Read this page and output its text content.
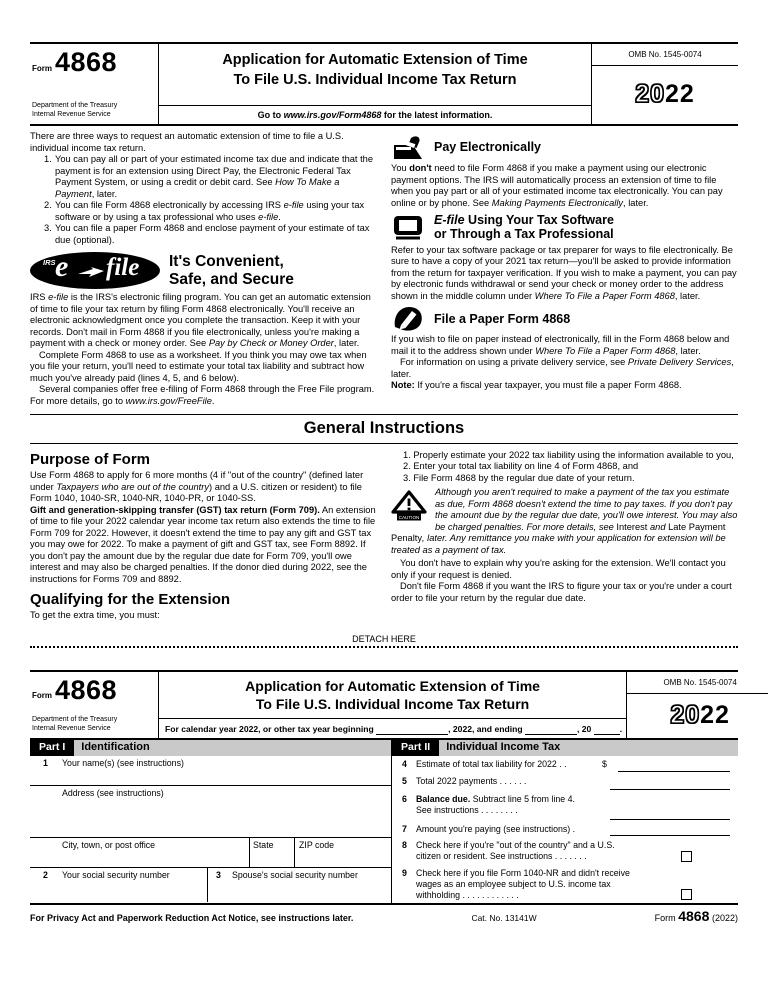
Form 4868
Department of the Treasury
Internal Revenue Service
Application for Automatic Extension of Time
To File U.S. Individual Income Tax Return
Go to www.irs.gov/Form4868 for the latest information.
OMB No. 1545-0074
20 22

There are three ways to request an automatic extension of time to file a U.S. individual income tax return.

1. You can pay all or part of your estimated income tax due and indicate that the payment is for an extension using Direct Pay, the Electronic Federal Tax Payment System, or using a credit or debit card. See How To Make a Payment, later.

2. You can file Form 4868 electronically by accessing IRS e-file using your tax software or by using a tax professional who uses e-file.

3. You can file a paper Form 4868 and enclose payment of your estimate of tax due (optional).

IRS e file It's Convenient,
Safe, and Secure

IRS e-file is the IRS's electronic filing program. You can get an automatic extension of time to file your tax return by filing Form 4868 electronically. You'll receive an electronic acknowledgment once you complete the transaction. Keep it with your records. Don't mail in Form 4868 if you file electronically, unless you're making a payment with a check or money order. See Pay by Check or Money Order, later.

Complete Form 4868 to use as a worksheet. If you think you may owe tax when you file your return, you'll need to estimate your total tax liability and subtract how much you've already paid (lines 4, 5, and 6 below).

Several companies offer free e-filing of Form 4868 through the Free File program. For more details, go to www.irs.gov/FreeFile.

Pay Electronically

You don't need to file Form 4868 if you make a payment using our electronic payment options. The IRS will automatically process an extension of time to file when you pay part or all of your estimated income tax electronically. You can pay online or by phone. See Making Payments Electronically, later.

E-file Using Your Tax Software
or Through a Tax Professional

Refer to your tax software package or tax preparer for ways to file electronically. Be sure to have a copy of your 2021 tax return—you'll be asked to provide information from the return for taxpayer verification. If you wish to make a payment, you can pay by electronic funds withdrawal or send your check or money order to the address shown in the middle column under Where To File a Paper Form 4868, later.

File a Paper Form 4868

If you wish to file on paper instead of electronically, fill in the Form 4868 below and mail it to the address shown under Where To File a Paper Form 4868, later.

For information on using a private delivery service, see Private Delivery Services, later.

Note: If you're a fiscal year taxpayer, you must file a paper Form 4868.

General Instructions
Purpose of Form

Use Form 4868 to apply for 6 more months (4 if "out of the country" (defined later under Taxpayers who are out of the country) and a U.S. citizen or resident) to file Form 1040, 1040-SR, 1040-NR, 1040-PR, or 1040-SS.

Gift and generation-skipping transfer (GST) tax return (Form 709). An extension of time to file your 2022 calendar year income tax return also extends the time to file Form 709 for 2022. However, it doesn't extend the time to pay any gift and GST tax you may owe for 2022. To make a payment of gift and GST tax, see Form 8892. If you don't pay the amount due by the regular due date for Form 709, you'll owe interest and may also be charged penalties. If the donor died during 2022, see the instructions for Forms 709 and 8892.

Qualifying for the Extension

To get the extra time, you must:

1. Properly estimate your 2022 tax liability using the information available to you,

2. Enter your total tax liability on line 4 of Form 4868, and

3. File Form 4868 by the regular due date of your return.

CAUTION

Although you aren't required to make a payment of the tax you estimate as due, Form 4868 doesn't extend the time to pay taxes. If you don't pay the amount due by the regular due date, you'll owe interest. You may also be charged penalties. For more details, see Interest and Late Payment Penalty, later. Any remittance you make with your application for extension will be treated as a payment of tax.

You don't have to explain why you're asking for the extension. We'll contact you only if your request is denied.

Don't file Form 4868 if you want the IRS to figure your tax or you're under a court order to file your return by the regular due date.

DETACH HERE
Form 4868
Department of the Treasury
Internal Revenue Service
Application for Automatic Extension of Time
To File U.S. Individual Income Tax Return
For calendar year 2022, or other tax year beginning	, 2022, and ending	, 20	.
OMB No. 1545-0074
20 22
Part I	Identification
1	Your name(s) (see instructions)
Address (see instructions)
City, town, or post office	State	ZIP code
2	Your social security number	3	Spouse's social security number
Part II	Individual Income Tax
4	Estimate of total tax liability for 2022 . .	$
5	Total 2022 payments . . . . . .
6	Balance due. Subtract line 5 from line 4.
See instructions . . . . . . . .
7	Amount you're paying (see instructions) .
8	Check here if you're "out of the country" and a U.S.
citizen or resident. See instructions . . . . . . .
9	Check here if you file Form 1040-NR and didn't receive
wages as an employee subject to U.S. income tax
withholding . . . . . . . . . . . .
For Privacy Act and Paperwork Reduction Act Notice, see instructions later.	Cat. No. 13141W	Form 4868 (2022)
